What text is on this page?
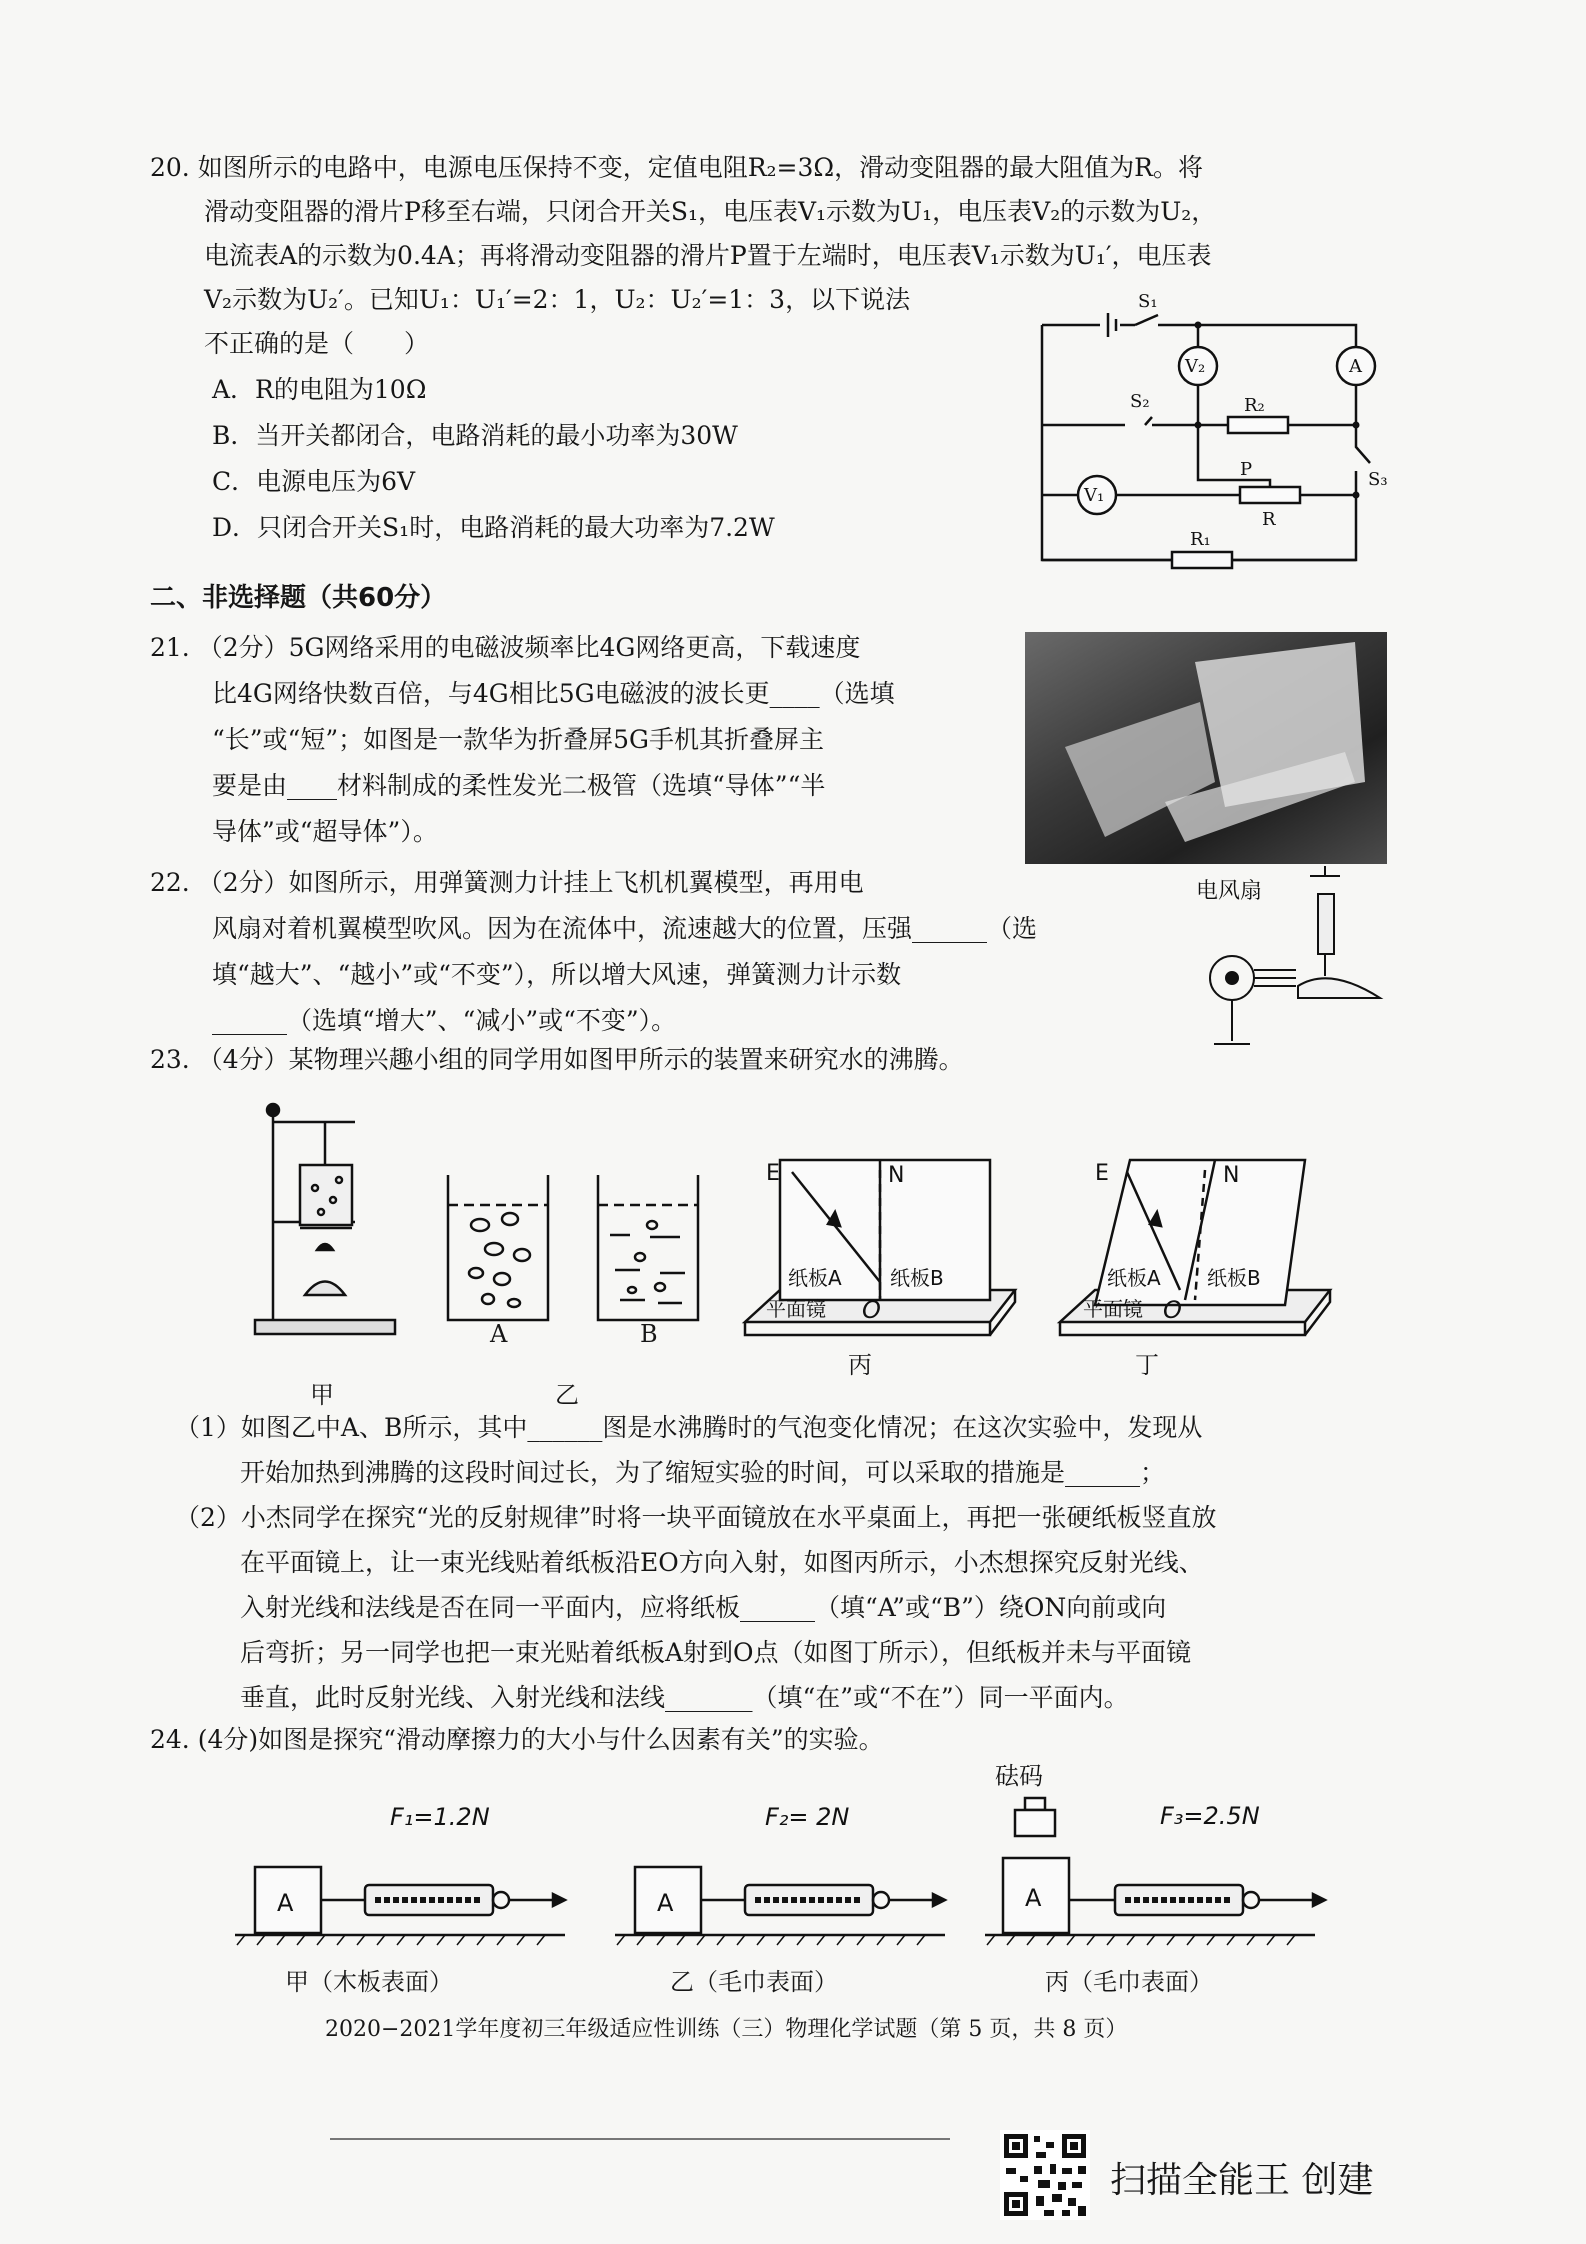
20. 如图所示的电路中，电源电压保持不变，定值电阻R₂=3Ω，滑动变阻器的最大阻值为R。将
滑动变阻器的滑片P移至右端，只闭合开关S₁，电压表V₁示数为U₁，电压表V₂的示数为U₂，
电流表A的示数为0.4A；再将滑动变阻器的滑片P置于左端时，电压表V₁示数为U₁′，电压表
V₂示数为U₂′。已知U₁：U₁′=2：1，U₂：U₂′=1：3，以下说法
不正确的是（　　）
A．R的电阻为10Ω
B．当开关都闭合，电路消耗的最小功率为30W
C．电源电压为6V
D．只闭合开关S₁时，电路消耗的最大功率为7.2W
S₁
S₂
S₃
V₂	A
V₁
R₂
P
R
R₁
二、非选择题（共60分）
21. （2分）5G网络采用的电磁波频率比4G网络更高，下载速度
比4G网络快数百倍，与4G相比5G电磁波的波长更____（选填
“长”或“短”；如图是一款华为折叠屏5G手机其折叠屏主
要是由____材料制成的柔性发光二极管（选填“导体”“半
导体”或“超导体”）。
22. （2分）如图所示，用弹簧测力计挂上飞机机翼模型，再用电
风扇对着机翼模型吹风。因为在流体中，流速越大的位置，压强______（选
填“越大”、“越小”或“不变”），所以增大风速，弹簧测力计示数
______（选填“增大”、“减小”或“不变”）。
电风扇
23. （4分）某物理兴趣小组的同学用如图甲所示的装置来研究水的沸腾。
甲
A	B
乙
E	N
纸板A 纸板B
平面镜 O
丙
E	N
纸板A 纸板B
平面镜 O
丁
（1）如图乙中A、B所示，其中______图是水沸腾时的气泡变化情况；在这次实验中，发现从
开始加热到沸腾的这段时间过长，为了缩短实验的时间，可以采取的措施是______；
（2）小杰同学在探究“光的反射规律”时将一块平面镜放在水平桌面上，再把一张硬纸板竖直放
在平面镜上，让一束光线贴着纸板沿EO方向入射，如图丙所示，小杰想探究反射光线、
入射光线和法线是否在同一平面内，应将纸板______（填“A”或“B”）绕ON向前或向
后弯折；另一同学也把一束光贴着纸板A射到O点（如图丁所示），但纸板并未与平面镜
垂直，此时反射光线、入射光线和法线_______（填“在”或“不在”）同一平面内。
24. (4分)如图是探究“滑动摩擦力的大小与什么因素有关”的实验。
F₁=1.2N
A
甲（木板表面）
F₂= 2N
A
乙（毛巾表面）
砝码
F₃=2.5N
A
丙（毛巾表面）
2020−2021学年度初三年级适应性训练（三）物理化学试题（第 5 页，共 8 页）
扫描全能王 创建
